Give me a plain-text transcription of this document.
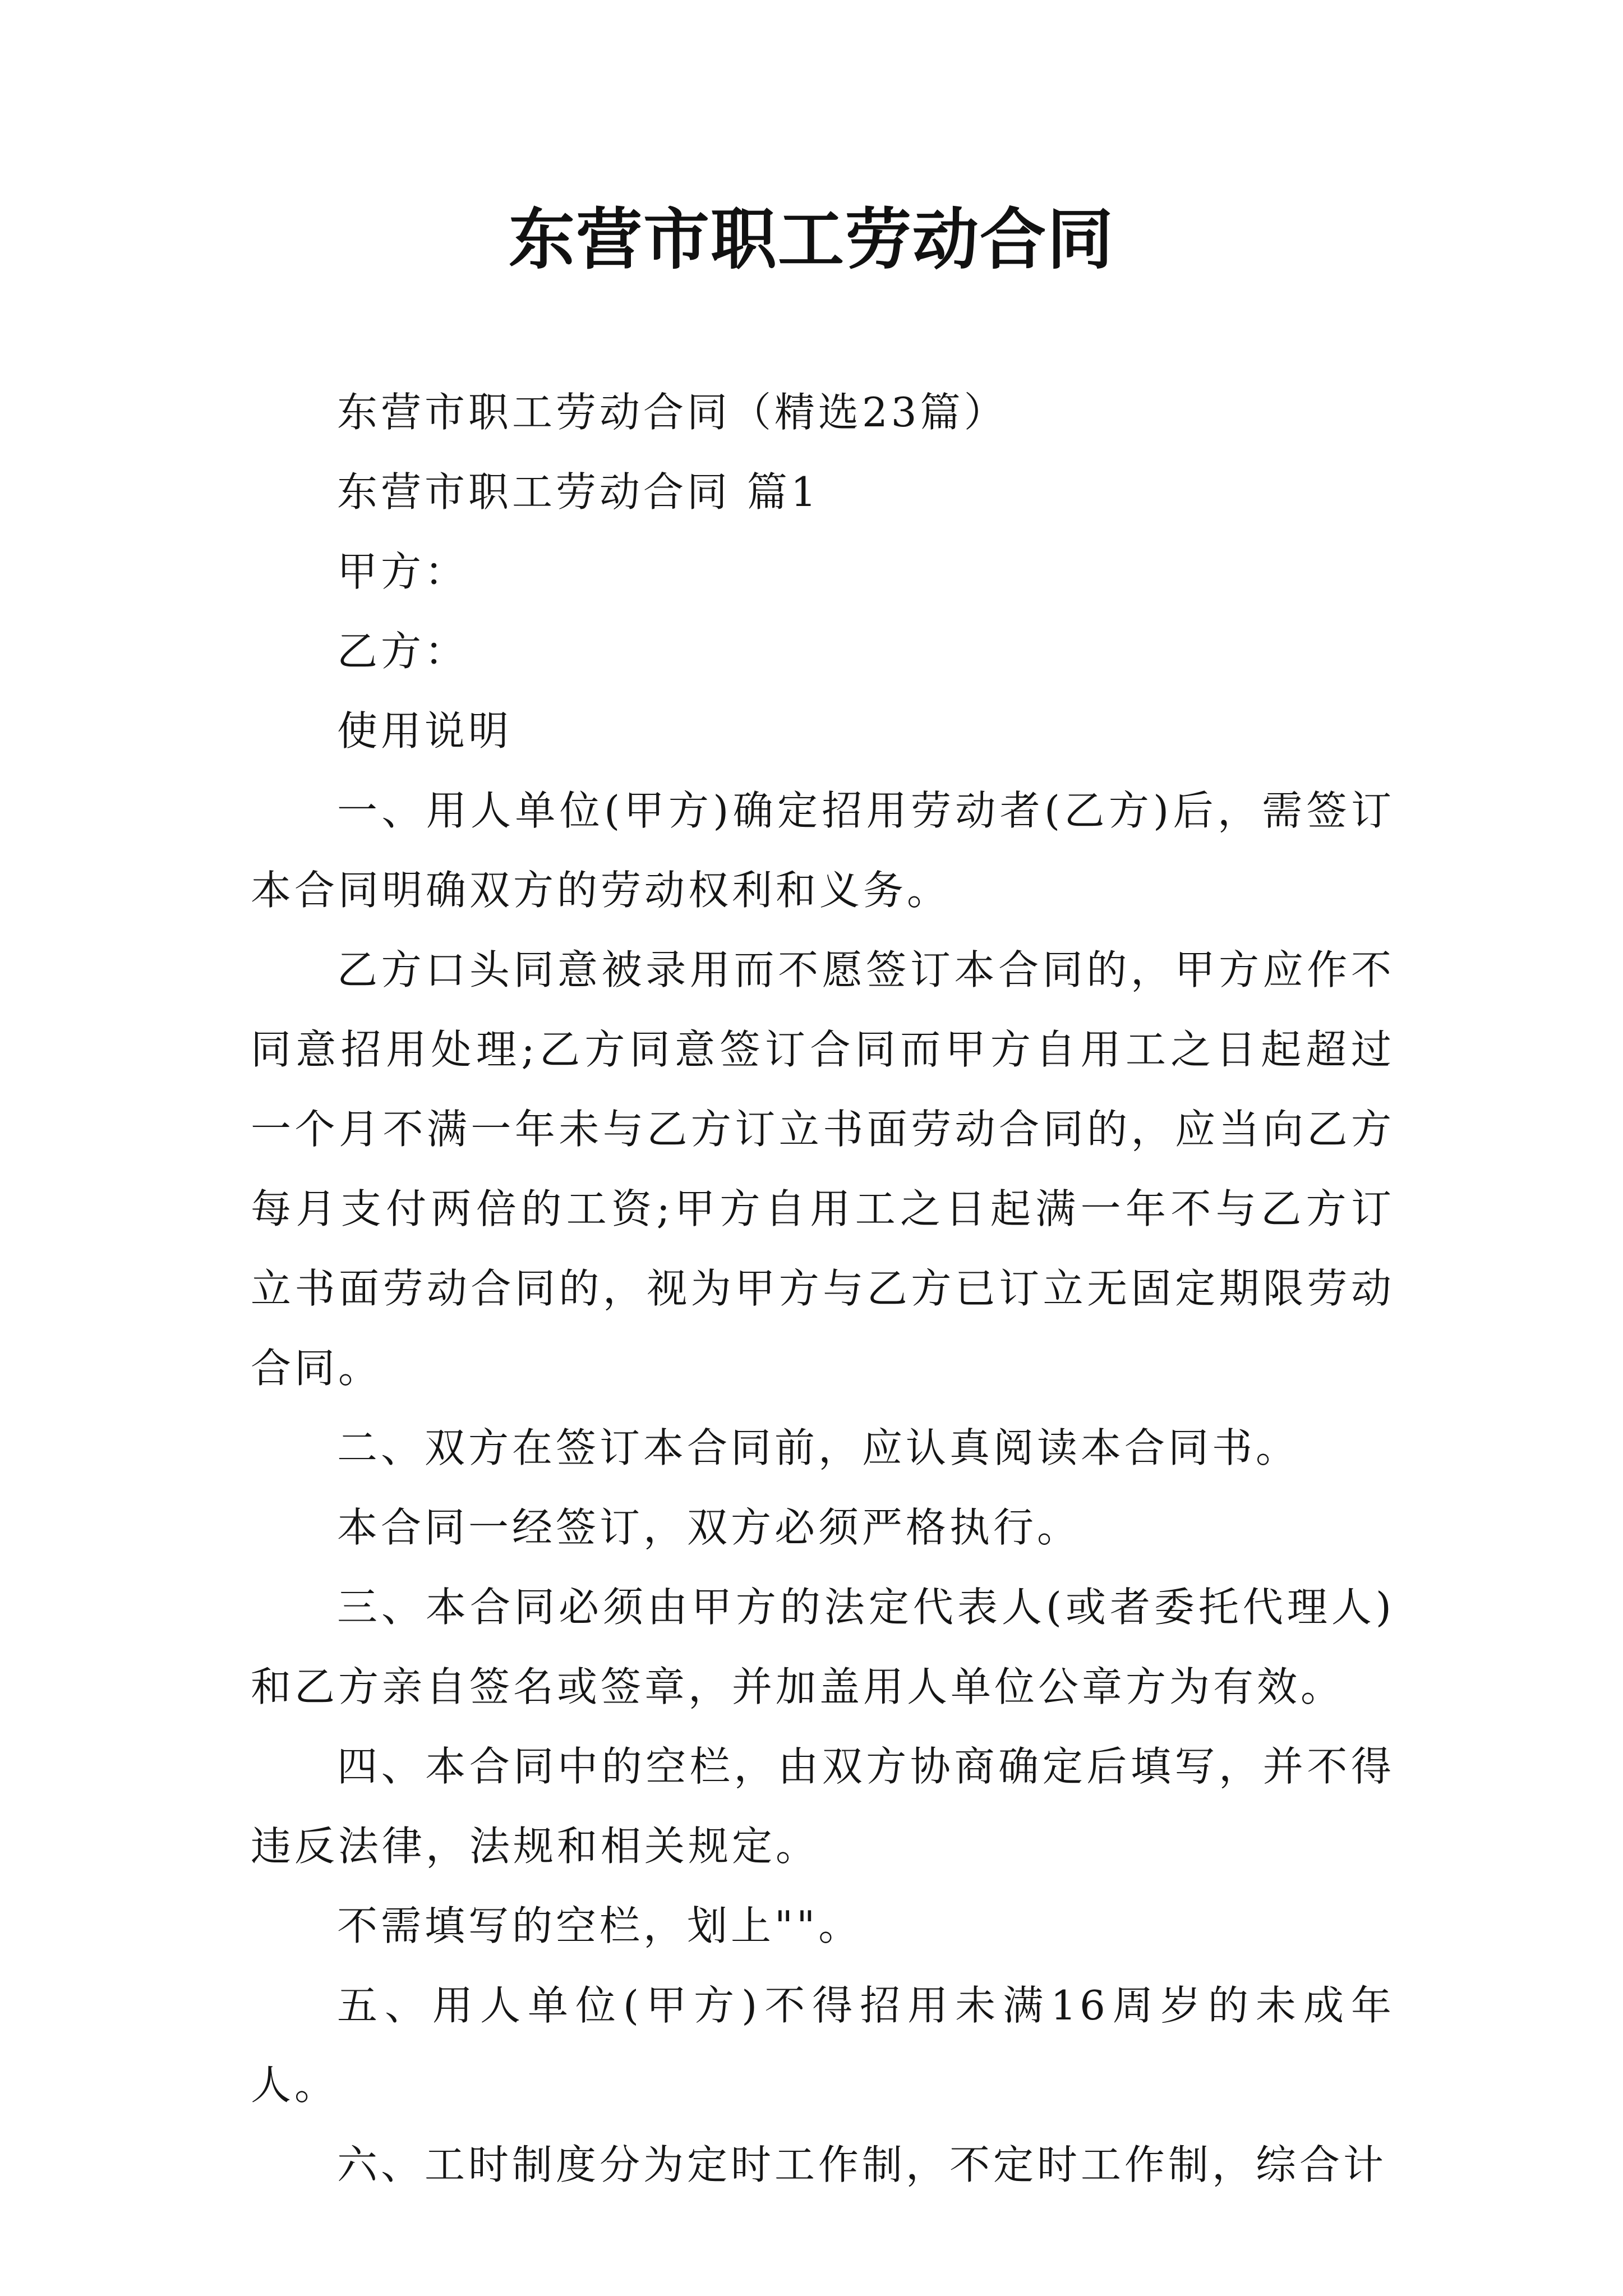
东营市职工劳动合同

东营市职工劳动合同（精选23篇）

东营市职工劳动合同 篇1

甲方：

乙方：

使用说明

一、用人单位(甲方)确定招用劳动者(乙方)后，需签订本合同明确双方的劳动权利和义务。

乙方口头同意被录用而不愿签订本合同的，甲方应作不同意招用处理;乙方同意签订合同而甲方自用工之日起超过一个月不满一年未与乙方订立书面劳动合同的，应当向乙方每月支付两倍的工资;甲方自用工之日起满一年不与乙方订立书面劳动合同的，视为甲方与乙方已订立无固定期限劳动合同。

二、双方在签订本合同前，应认真阅读本合同书。

本合同一经签订，双方必须严格执行。

三、本合同必须由甲方的法定代表人(或者委托代理人)和乙方亲自签名或签章，并加盖用人单位公章方为有效。

四、本合同中的空栏，由双方协商确定后填写，并不得违反法律，法规和相关规定。

不需填写的空栏，划上""。

五、用人单位(甲方)不得招用未满16周岁的未成年人。

六、工时制度分为定时工作制，不定时工作制，综合计
